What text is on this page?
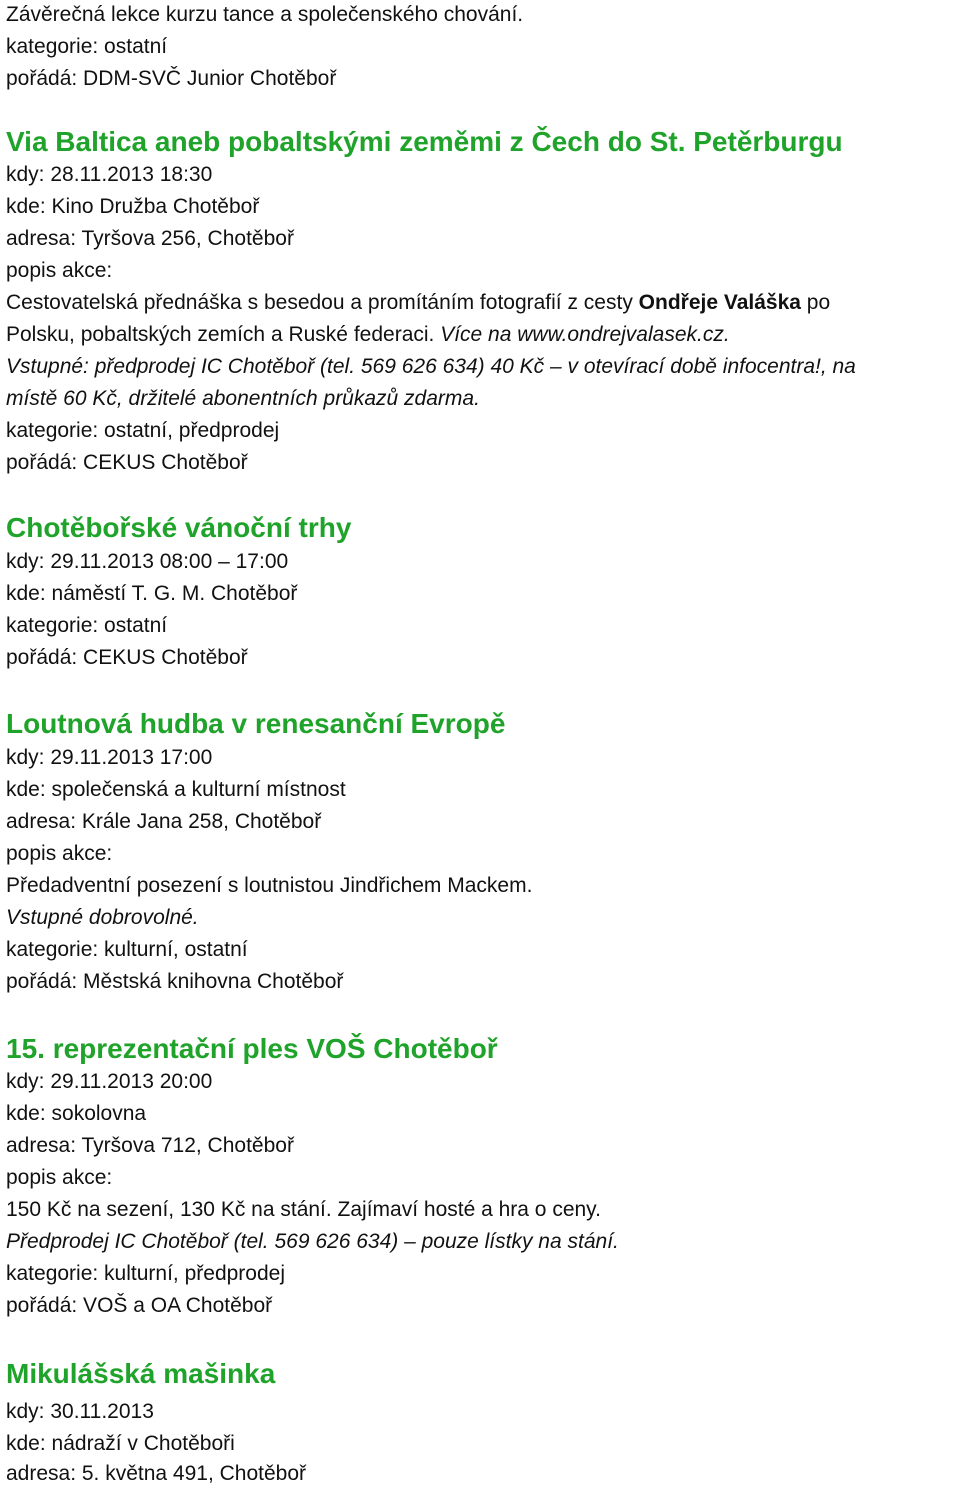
Závěrečná lekce kurzu tance a společenského chování.
kategorie: ostatní
pořádá: DDM-SVČ Junior Chotěboř
Via Baltica aneb pobaltskými zeměmi z Čech do St. Petěrburgu
kdy: 28.11.2013 18:30
kde: Kino Družba Chotěboř
adresa: Tyršova 256, Chotěboř
popis akce:
Cestovatelská přednáška s besedou a promítáním fotografií z cesty Ondřeje Valáška po
Polsku, pobaltských zemích a Ruské federaci. Více na www.ondrejvalasek.cz.
Vstupné: předprodej IC Chotěboř (tel. 569 626 634) 40 Kč – v otevírací době infocentra!, na
místě 60 Kč, držitelé abonentních průkazů zdarma.
kategorie: ostatní, předprodej
pořádá: CEKUS Chotěboř
Chotěbořské vánoční trhy
kdy: 29.11.2013 08:00 – 17:00
kde: náměstí T. G. M. Chotěboř
kategorie: ostatní
pořádá: CEKUS Chotěboř
Loutnová hudba v renesanční Evropě
kdy: 29.11.2013 17:00
kde: společenská a kulturní místnost
adresa: Krále Jana 258, Chotěboř
popis akce:
Předadventní posezení s loutnistou Jindřichem Mackem.
Vstupné dobrovolné.
kategorie: kulturní, ostatní
pořádá: Městská knihovna Chotěboř
15. reprezentační ples VOŠ Chotěboř
kdy: 29.11.2013 20:00
kde: sokolovna
adresa: Tyršova 712, Chotěboř
popis akce:
150 Kč na sezení, 130 Kč na stání. Zajímaví hosté a hra o ceny.
Předprodej IC Chotěboř (tel. 569 626 634) – pouze lístky na stání.
kategorie: kulturní, předprodej
pořádá: VOŠ a OA Chotěboř
Mikulášská mašinka
kdy: 30.11.2013
kde: nádraží v Chotěboři
adresa: 5. května 491, Chotěboř
